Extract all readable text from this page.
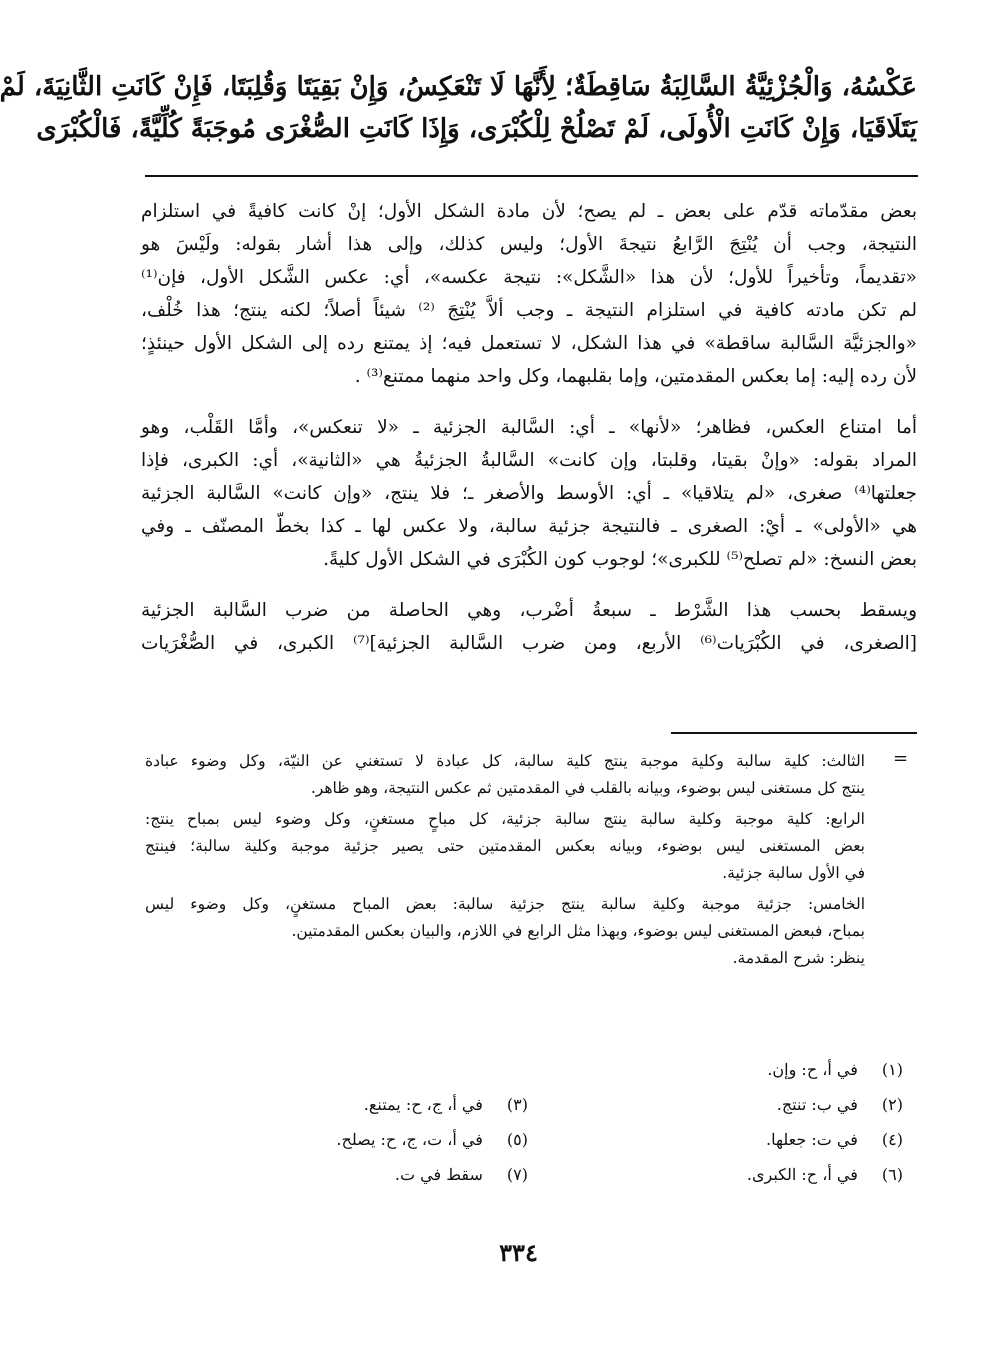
عَكْسُهُ، وَالْجُزْئِيَّةُ السَّالِبَةُ سَاقِطَةٌ؛ لِأَنَّهَا لَا تَنْعَكِسُ، وَإِنْ بَقِيَتَا وَقُلِبَتَا، فَإِنْ كَانَتِ الثَّانِيَةَ، لَمْ
يَتَلَاقَيَا، وَإِنْ كَانَتِ الْأُولَى، لَمْ تَصْلُحْ لِلْكُبْرَى، وَإِذَا كَانَتِ الصُّغْرَى مُوجَبَةً كُلِّيَّةً، فَالْكُبْرَى
بعض مقدّماته قدّم على بعض ـ لم يصح؛ لأن مادة الشكل الأول؛ إنْ كانت كافيةً في استلزام
النتيجة، وجب أن يُنْتِجَ الرَّابعُ نتيجةَ الأول؛ وليس كذلك، وإلى هذا أشار بقوله: ولَيْسَ هو
«تقديماً، وتأخيراً للأول؛ لأن هذا «الشَّكل»: نتيجة عكسه»، أي: عكس الشَّكل الأول، فإن⁽¹⁾
لم تكن مادته كافية في استلزام النتيجة ـ وجب ألاَّ يُنْتِجَ ⁽²⁾ شيئاً أصلاً؛ لكنه ينتج؛ هذا خُلْف،
«والجزئيَّة السَّالبة ساقطة» في هذا الشكل، لا تستعمل فيه؛ إذ يمتنع رده إلى الشكل الأول حينئذٍ؛
لأن رده إليه: إما بعكس المقدمتين، وإما بقلبهما، وكل واحد منهما ممتنع⁽³⁾ .
أما امتناع العكس، فظاهر؛ «لأنها» ـ أي: السَّالبة الجزئية ـ «لا تنعكس»، وأمَّا القَلْب، وهو
المراد بقوله: «وإنْ بقيتا، وقلبتا، وإن كانت» السَّالبةُ الجزئيةُ هي «الثانية»، أي: الكبرى، فإذا
جعلتها⁽⁴⁾ صغرى، «لم يتلاقيا» ـ أي: الأوسط والأصغر ـ؛ فلا ينتج، «وإن كانت» السَّالبة الجزئية
هي «الأولى» ـ أيْ: الصغرى ـ فالنتيجة جزئية سالبة، ولا عكس لها ـ كذا بخطّ المصنّف ـ وفي
بعض النسخ: «لم تصلح⁽⁵⁾ للكبرى»؛ لوجوب كون الكُبْرَى في الشكل الأول كليةً.
ويسقط بحسب هذا الشَّرْط ـ سبعةُ أضْرب، وهي الحاصلة من ضرب السَّالبة الجزئية
[الصغرى، في الكُبْرَيات⁽⁶⁾ الأربع، ومن ضرب السَّالبة الجزئية]⁽⁷⁾ الكبرى، في الصُّغْرَيات
=
الثالث: كلية سالبة وكلية موجبة ينتج كلية سالبة، كل عبادة لا تستغني عن النيّة، وكل وضوء عبادة
ينتج كل مستغنى ليس بوضوء، وبيانه بالقلب في المقدمتين ثم عكس النتيجة، وهو ظاهر.
الرابع: كلية موجبة وكلية سالبة ينتج سالبة جزئية، كل مباحٍ مستغنٍ، وكل وضوء ليس بمباح ينتج:
بعض المستغنى ليس بوضوء، وبيانه بعكس المقدمتين حتى يصير جزئية موجبة وكلية سالبة؛ فينتج
في الأول سالبة جزئية.
الخامس: جزئية موجبة وكلية سالبة ينتج جزئية سالبة: بعض المباح مستغنٍ، وكل وضوء ليس
بمباح، فبعض المستغنى ليس بوضوء، وبهذا مثل الرابع في اللازم، والبيان بعكس المقدمتين.
ينظر: شرح المقدمة.
(١) في أ، ح: وإن.
(٢) في ب: تنتج.
(٣) في أ، ج، ح: يمتنع.
(٤) في ت: جعلها.
(٥) في أ، ت، ج، ح: يصلح.
(٦) في أ، ح: الكبرى.
(٧) سقط في ت.
٣٣٤
